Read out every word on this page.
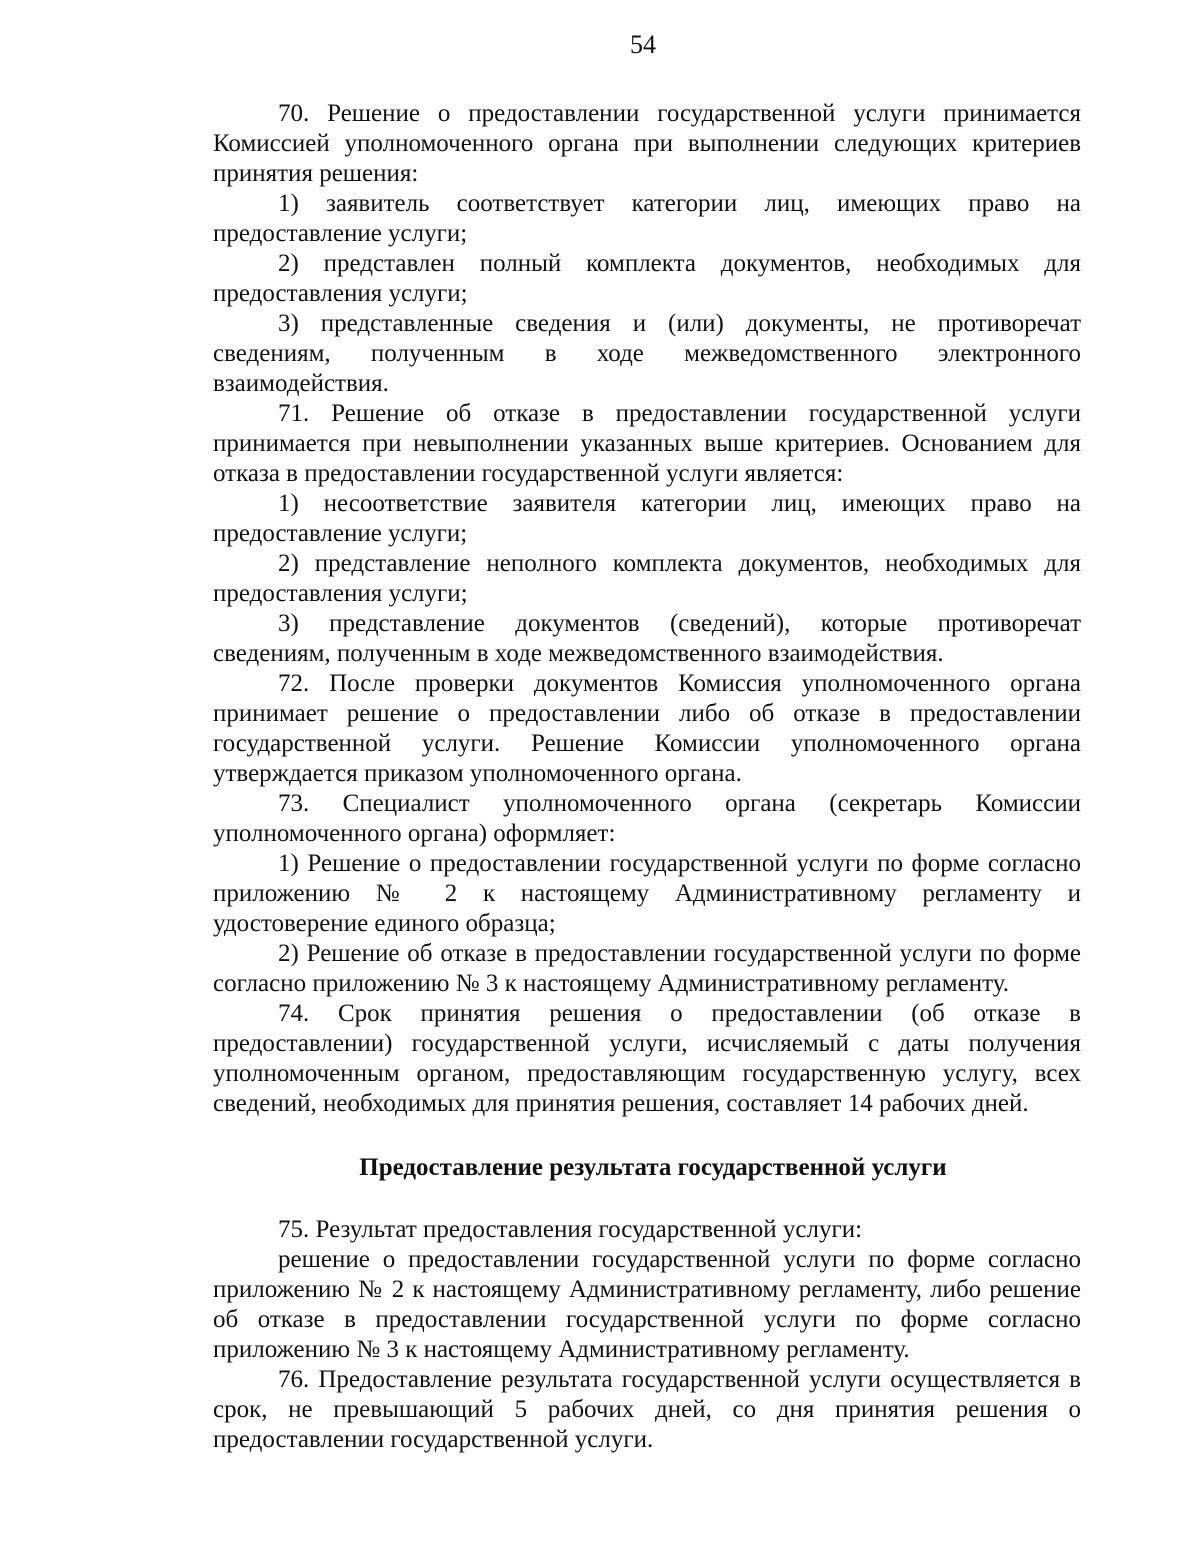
54

70. Решение о предоставлении государственной услуги принимается Комиссией уполномоченного органа при выполнении следующих критериев принятия решения:

1) заявитель соответствует категории лиц, имеющих право на предоставление услуги;

2) представлен полный комплекта документов, необходимых для предоставления услуги;

3) представленные сведения и (или) документы, не противоречат сведениям, полученным в ходе межведомственного электронного взаимодействия.

71. Решение об отказе в предоставлении государственной услуги принимается при невыполнении указанных выше критериев. Основанием для отказа в предоставлении государственной услуги является:

1) несоответствие заявителя категории лиц, имеющих право на предоставление услуги;

2) представление неполного комплекта документов, необходимых для предоставления услуги;

3) представление документов (сведений), которые противоречат сведениям, полученным в ходе межведомственного взаимодействия.

72. После проверки документов Комиссия уполномоченного органа принимает решение о предоставлении либо об отказе в предоставлении государственной услуги. Решение Комиссии уполномоченного органа утверждается приказом уполномоченного органа.

73. Специалист уполномоченного органа (секретарь Комиссии уполномоченного органа) оформляет:

1) Решение о предоставлении государственной услуги по форме согласно приложению № 2 к настоящему Административному регламенту и удостоверение единого образца;

2) Решение об отказе в предоставлении государственной услуги по форме согласно приложению № 3 к настоящему Административному регламенту.

74. Срок принятия решения о предоставлении (об отказе в предоставлении) государственной услуги, исчисляемый с даты получения уполномоченным органом, предоставляющим государственную услугу, всех сведений, необходимых для принятия решения, составляет 14 рабочих дней.

Предоставление результата государственной услуги

75. Результат предоставления государственной услуги:

решение о предоставлении государственной услуги по форме согласно приложению № 2 к настоящему Административному регламенту, либо решение об отказе в предоставлении государственной услуги по форме согласно приложению № 3 к настоящему Административному регламенту.

76. Предоставление результата государственной услуги осуществляется в срок, не превышающий 5 рабочих дней, со дня принятия решения о предоставлении государственной услуги.
